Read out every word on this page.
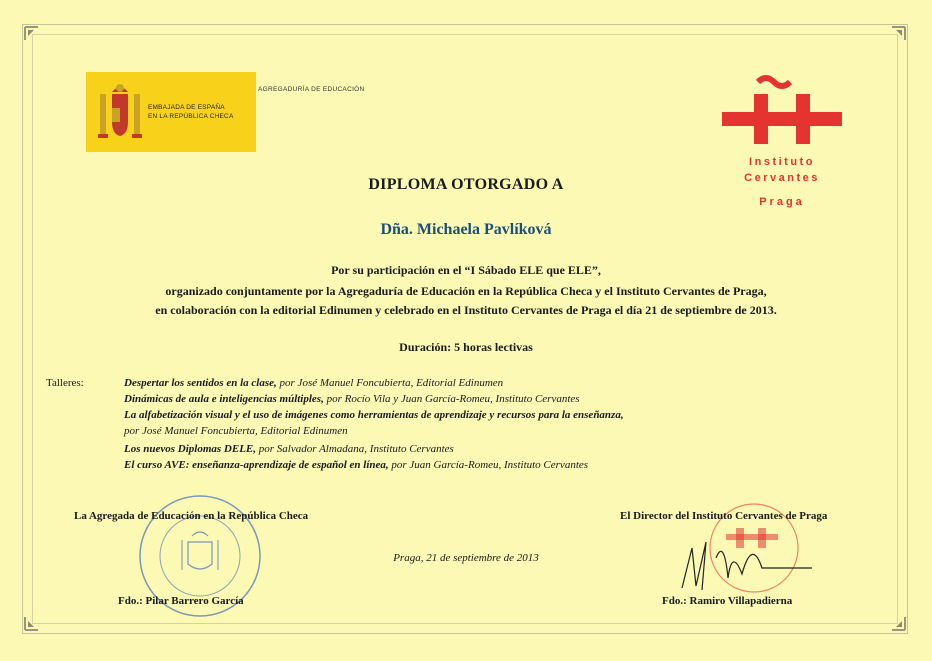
EMBAJADA DE ESPAÑA
EN LA REPÚBLICA CHECA
AGREGADURÍA DE EDUCACIÓN
Instituto
Cervantes
Praga
DIPLOMA OTORGADO A
Dña. Michaela Pavlíková
Por su participación en el “I Sábado ELE que ELE”,
organizado conjuntamente por la Agregaduría de Educación en la República Checa y el Instituto Cervantes de Praga,
en colaboración con la editorial Edinumen y celebrado en el Instituto Cervantes de Praga el día 21 de septiembre de 2013.
Duración: 5 horas lectivas
Talleres:	Despertar los sentidos en la clase, por José Manuel Foncubierta, Editorial Edinumen
Dinámicas de aula e inteligencias múltiples, por Rocío Vila y Juan García-Romeu, Instituto Cervantes
La alfabetización visual y el uso de imágenes como herramientas de aprendizaje y recursos para la enseñanza,
por José Manuel Foncubierta, Editorial Edinumen
Los nuevos Diplomas DELE, por Salvador Almadana, Instituto Cervantes
El curso AVE: enseñanza-aprendizaje de español en línea, por Juan García-Romeu, Instituto Cervantes
La Agregada de Educación en la República Checa	El Director del Instituto Cervantes de Praga
Praga, 21 de septiembre de 2013
Fdo.: Pilar Barrero García	Fdo.: Ramiro Villapadierna
